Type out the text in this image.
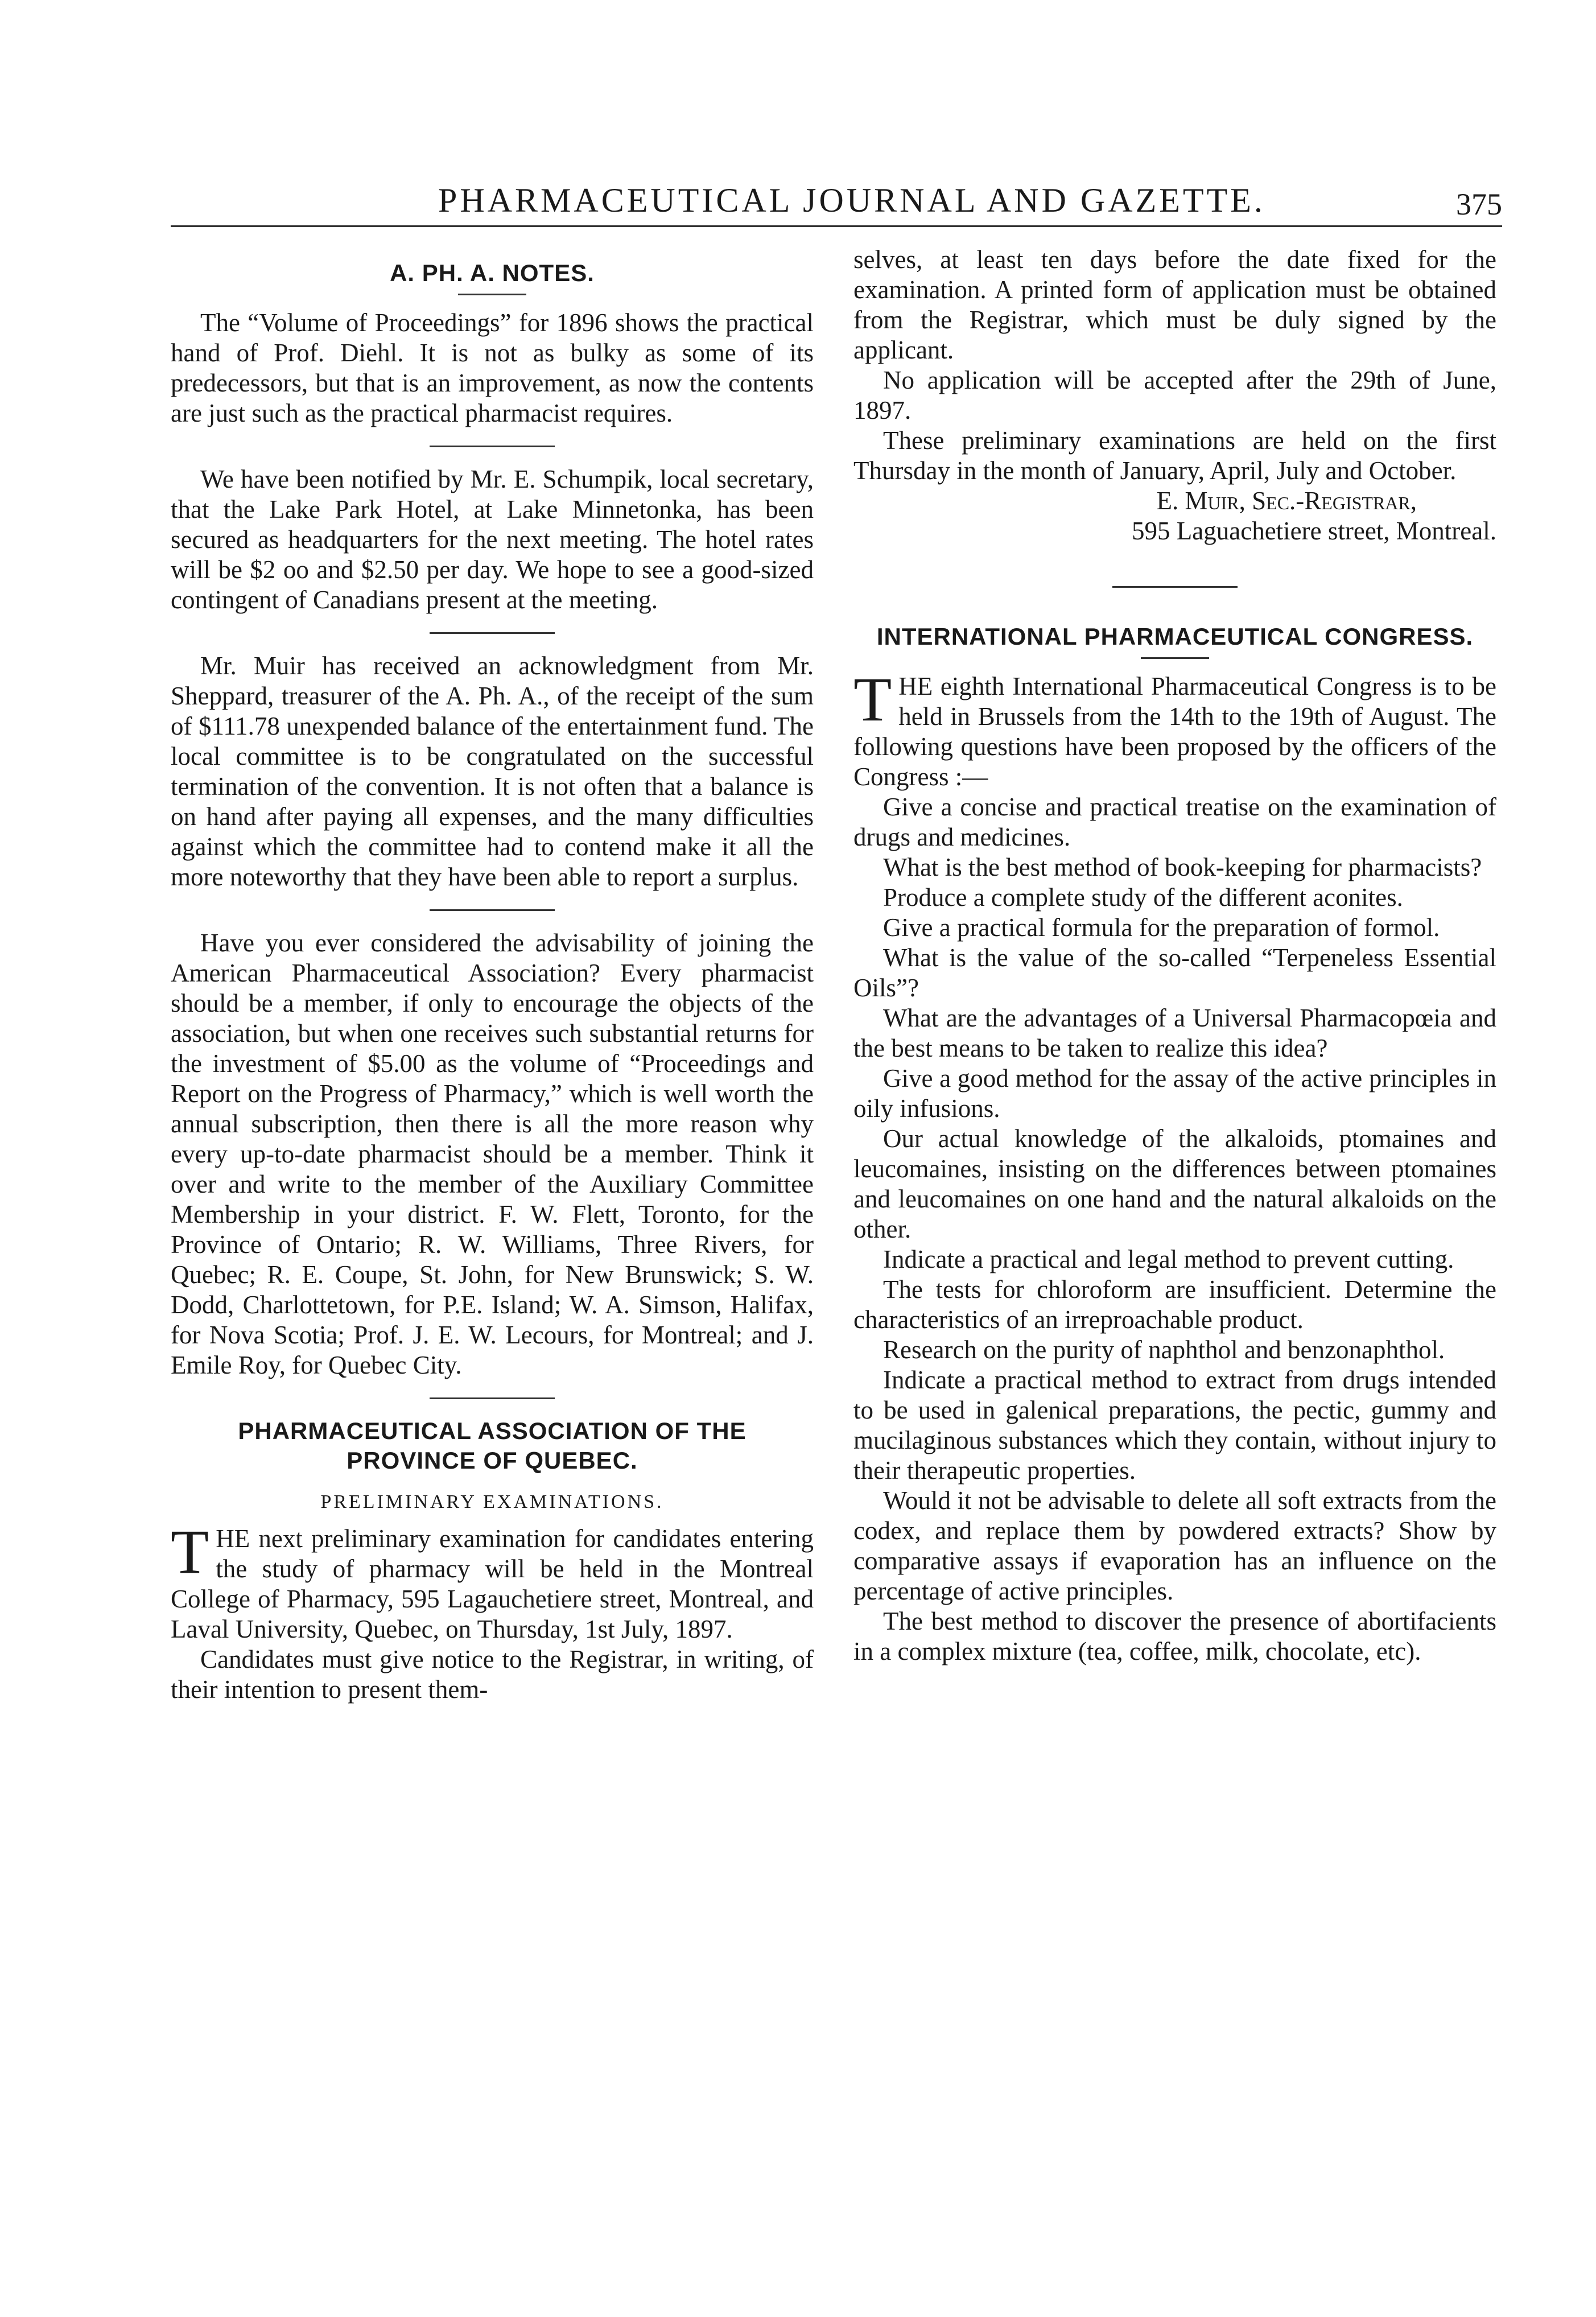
PHARMACEUTICAL JOURNAL AND GAZETTE.	375
A. PH. A. NOTES.

The “Volume of Proceedings” for 1896 shows the practical hand of Prof. Diehl. It is not as bulky as some of its predecessors, but that is an improvement, as now the contents are just such as the practical pharmacist requires.

We have been notified by Mr. E. Schumpik, local secretary, that the Lake Park Hotel, at Lake Minnetonka, has been secured as headquarters for the next meeting. The hotel rates will be $2 oo and $2.50 per day. We hope to see a good-sized contingent of Canadians present at the meeting.

Mr. Muir has received an acknowledgment from Mr. Sheppard, treasurer of the A. Ph. A., of the receipt of the sum of $111.78 unexpended balance of the entertainment fund. The local committee is to be congratulated on the successful termination of the convention. It is not often that a balance is on hand after paying all expenses, and the many difficulties against which the committee had to contend make it all the more noteworthy that they have been able to report a surplus.

Have you ever considered the advisability of joining the American Pharmaceutical Association? Every pharmacist should be a member, if only to encourage the objects of the association, but when one receives such substantial returns for the investment of $5.00 as the volume of “Proceedings and Report on the Progress of Pharmacy,” which is well worth the annual subscription, then there is all the more reason why every up-to-date pharmacist should be a member. Think it over and write to the member of the Auxiliary Committee Membership in your district. F. W. Flett, Toronto, for the Province of Ontario; R. W. Williams, Three Rivers, for Quebec; R. E. Coupe, St. John, for New Brunswick; S. W. Dodd, Charlottetown, for P.E. Island; W. A. Simson, Halifax, for Nova Scotia; Prof. J. E. W. Lecours, for Montreal; and J. Emile Roy, for Quebec City.

PHARMACEUTICAL ASSOCIATION OF THE PROVINCE OF QUEBEC.
PRELIMINARY EXAMINATIONS.

THE next preliminary examination for candidates entering the study of pharmacy will be held in the Montreal College of Pharmacy, 595 Lagauchetiere street, Montreal, and Laval University, Quebec, on Thursday, 1st July, 1897.

Candidates must give notice to the Registrar, in writing, of their intention to present them-

selves, at least ten days before the date fixed for the examination. A printed form of application must be obtained from the Registrar, which must be duly signed by the applicant.

No application will be accepted after the 29th of June, 1897.

These preliminary examinations are held on the first Thursday in the month of January, April, July and October.

E. Muir, Sec.-Registrar,
595 Laguachetiere street, Montreal.
INTERNATIONAL PHARMACEUTICAL CONGRESS.

THE eighth International Pharmaceutical Congress is to be held in Brussels from the 14th to the 19th of August. The following questions have been proposed by the officers of the Congress :—

Give a concise and practical treatise on the examination of drugs and medicines.

What is the best method of book-keeping for pharmacists?

Produce a complete study of the different aconites.

Give a practical formula for the preparation of formol.

What is the value of the so-called “Terpeneless Essential Oils”?

What are the advantages of a Universal Pharmacopœia and the best means to be taken to realize this idea?

Give a good method for the assay of the active principles in oily infusions.

Our actual knowledge of the alkaloids, ptomaines and leucomaines, insisting on the differences between ptomaines and leucomaines on one hand and the natural alkaloids on the other.

Indicate a practical and legal method to prevent cutting.

The tests for chloroform are insufficient. Determine the characteristics of an irreproachable product.

Research on the purity of naphthol and benzonaphthol.

Indicate a practical method to extract from drugs intended to be used in galenical preparations, the pectic, gummy and mucilaginous substances which they contain, without injury to their therapeutic properties.

Would it not be advisable to delete all soft extracts from the codex, and replace them by powdered extracts? Show by comparative assays if evaporation has an influence on the percentage of active principles.

The best method to discover the presence of abortifacients in a complex mixture (tea, coffee, milk, chocolate, etc).
